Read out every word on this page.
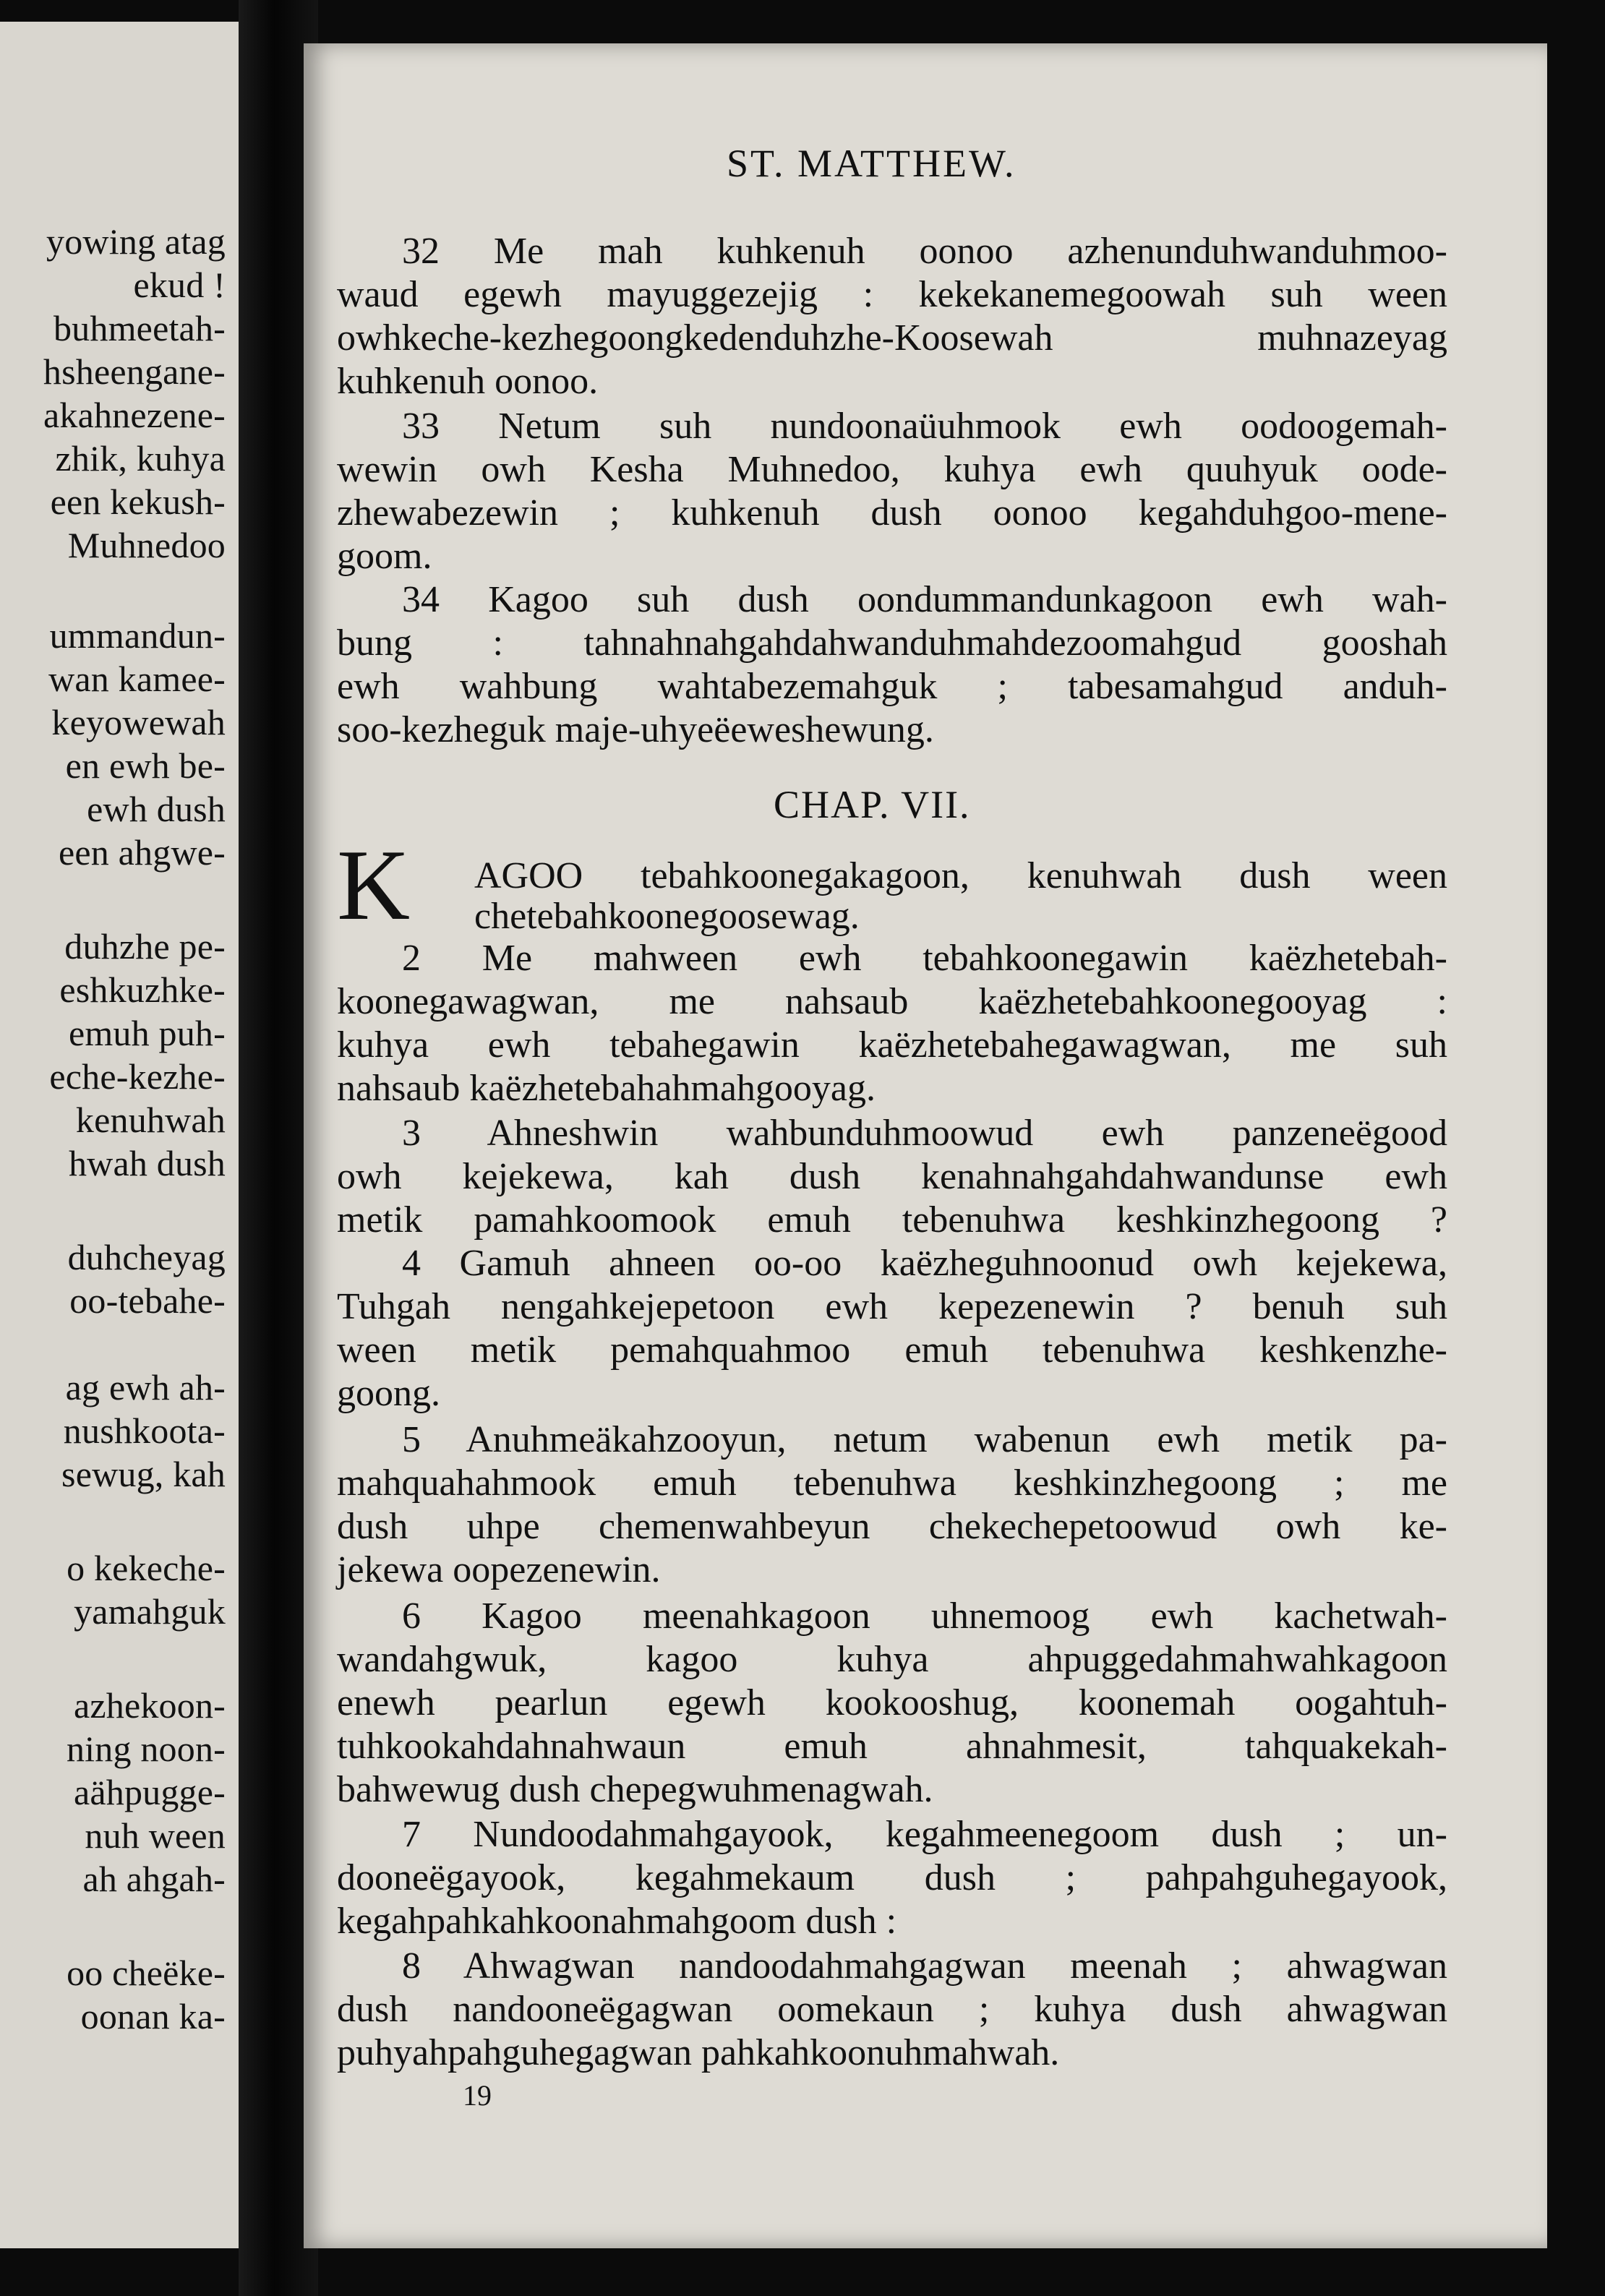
yowing atag
ekud !
buhmeetah-
hsheengane-
akahnezene-
zhik, kuhya
een kekush-
Muhnedoo
ummandun-
wan kamee-
keyowewah
en ewh be-
ewh dush
een ahgwe-
duhzhe pe-
eshkuzhke-
emuh puh-
eche-kezhe-
kenuhwah
hwah dush
duhcheyag
oo-tebahe-
ag ewh ah-
nushkoota-
sewug, kah
o kekeche-
yamahguk
azhekoon-
ning noon-
aähpugge-
nuh ween
ah ahgah-
oo cheëke-
oonan ka-
ST. MATTHEW.
32 Me mah kuhkenuh oonoo azhenunduhwanduhmoo-
waud egewh mayuggezejig : kekekanemegoowah suh ween
owhkeche-kezhegoongkedenduhzhe-Koosewah muhnazeyag
kuhkenuh oonoo.
33 Netum suh nundoonaüuhmook ewh oodoogemah-
wewin owh Kesha Muhnedoo, kuhya ewh quuhyuk oode-
zhewabezewin ; kuhkenuh dush oonoo kegahduhgoo-mene-
goom.
34 Kagoo suh dush oondummandunkagoon ewh wah-
bung : tahnahnahgahdahwanduhmahdezoomahgud gooshah
ewh wahbung wahtabezemahguk ; tabesamahgud anduh-
soo-kezheguk maje-uhyeëeweshewung.
CHAP. VII.
K AGOO tebahkoonegakagoon, kenuhwah dush ween
chetebahkoonegoosewag.
2 Me mahween ewh tebahkoonegawin kaëzhetebah-
koonegawagwan, me nahsaub kaëzhetebahkoonegooyag :
kuhya ewh tebahegawin kaëzhetebahegawagwan, me suh
nahsaub kaëzhetebahahmahgooyag.
3 Ahneshwin wahbunduhmoowud ewh panzeneëgood
owh kejekewa, kah dush kenahnahgahdahwandunse ewh
metik pamahkoomook emuh tebenuhwa keshkinzhegoong ?
4 Gamuh ahneen oo-oo kaëzheguhnoonud owh kejekewa,
Tuhgah nengahkejepetoon ewh kepezenewin ? benuh suh
ween metik pemahquahmoo emuh tebenuhwa keshkenzhe-
goong.
5 Anuhmeäkahzooyun, netum wabenun ewh metik pa-
mahquahahmook emuh tebenuhwa keshkinzhegoong ; me
dush uhpe chemenwahbeyun chekechepetoowud owh ke-
jekewa oopezenewin.
6 Kagoo meenahkagoon uhnemoog ewh kachetwah-
wandahgwuk, kagoo kuhya ahpuggedahmahwahkagoon
enewh pearlun egewh kookooshug, koonemah oogahtuh-
tuhkookahdahnahwaun emuh ahnahmesit, tahquakekah-
bahwewug dush chepegwuhmenagwah.
7 Nundoodahmahgayook, kegahmeenegoom dush ; un-
dooneëgayook, kegahmekaum dush ; pahpahguhegayook,
kegahpahkahkoonahmahgoom dush :
8 Ahwagwan nandoodahmahgagwan meenah ; ahwagwan
dush nandooneëgagwan oomekaun ; kuhya dush ahwagwan
puhyahpahguhegagwan pahkahkoonuhmahwah.
19
